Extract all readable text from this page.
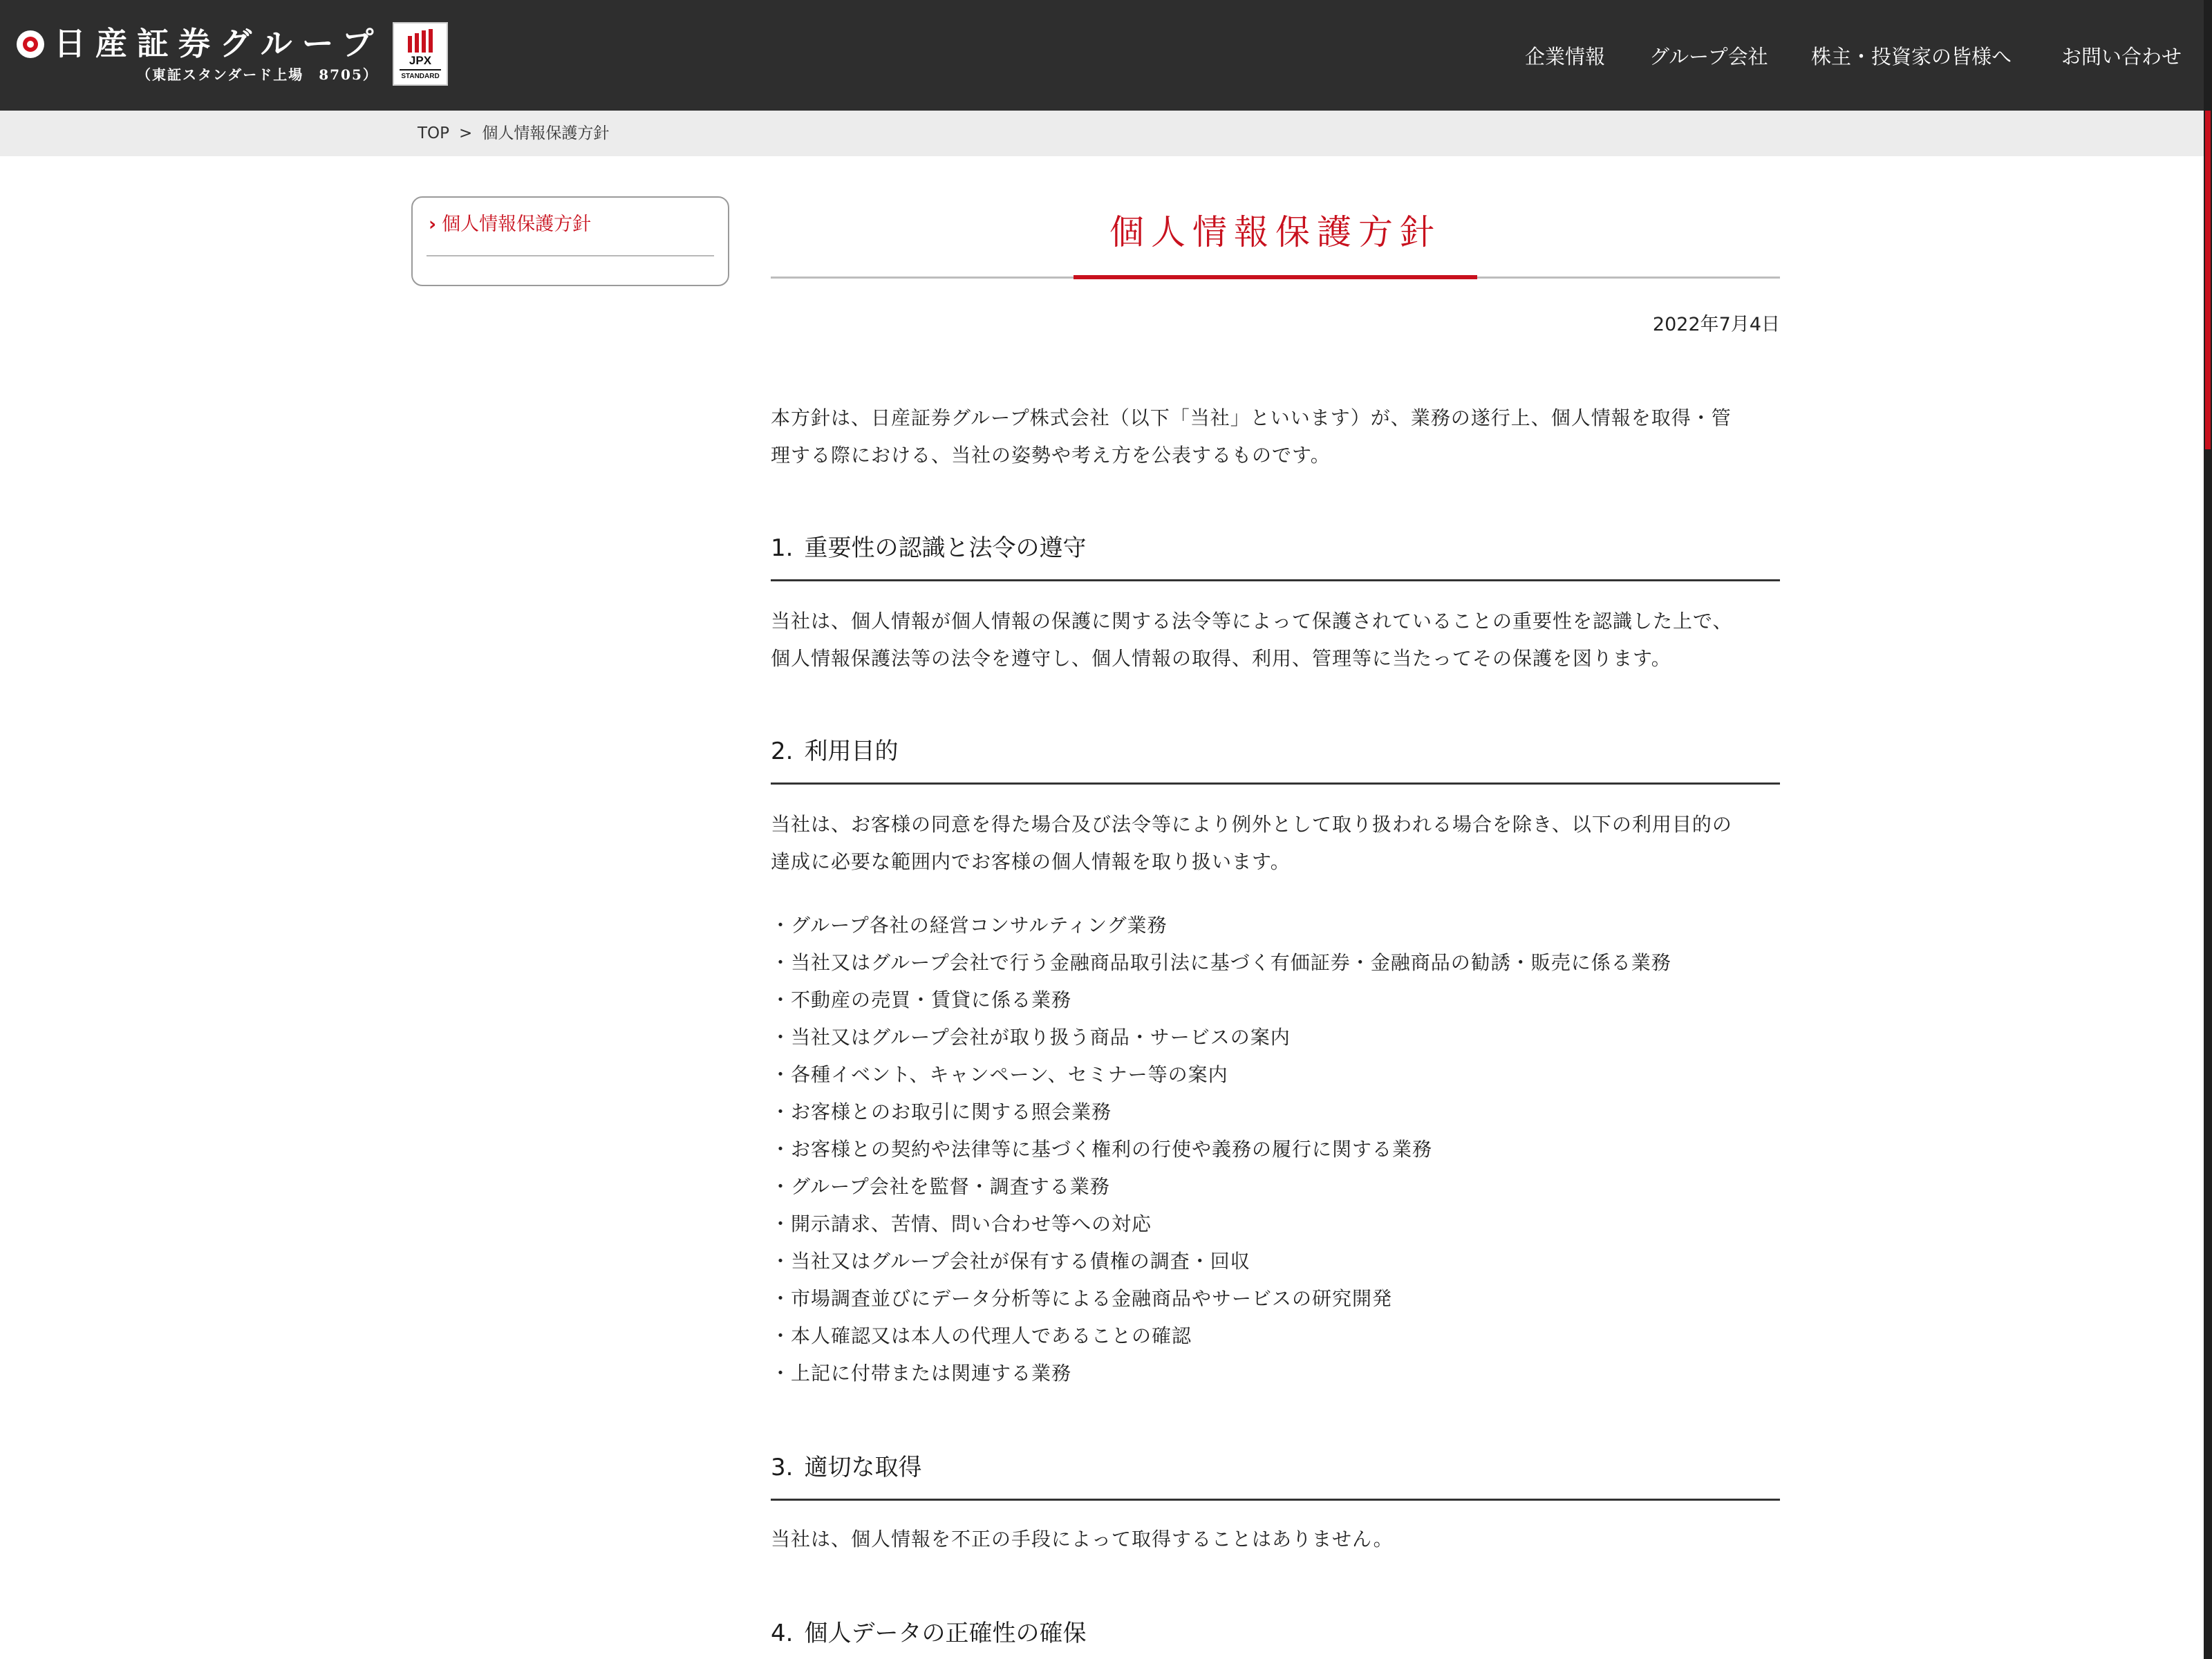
日産証券グループ
（東証スタンダード上場　8705）
JPX
STANDARD
企業情報 グループ会社 株主・投資家の皆様へ お問い合わせ
TOP > 個人情報保護方針
› 個人情報保護方針	個人情報保護方針
2022年7月4日

本方針は、日産証券グループ株式会社（以下「当社」といいます）が、業務の遂行上、個人情報を取得・管
理する際における、当社の姿勢や考え方を公表するものです。

1. 重要性の認識と法令の遵守

当社は、個人情報が個人情報の保護に関する法令等によって保護されていることの重要性を認識した上で、
個人情報保護法等の法令を遵守し、個人情報の取得、利用、管理等に当たってその保護を図ります。

2. 利用目的

当社は、お客様の同意を得た場合及び法令等により例外として取り扱われる場合を除き、以下の利用目的の
達成に必要な範囲内でお客様の個人情報を取り扱います。

・グループ各社の経営コンサルティング業務
・当社又はグループ会社で行う金融商品取引法に基づく有価証券・金融商品の勧誘・販売に係る業務
・不動産の売買・賃貸に係る業務
・当社又はグループ会社が取り扱う商品・サービスの案内
・各種イベント、キャンペーン、セミナー等の案内
・お客様とのお取引に関する照会業務
・お客様との契約や法律等に基づく権利の行使や義務の履行に関する業務
・グループ会社を監督・調査する業務
・開示請求、苦情、問い合わせ等への対応
・当社又はグループ会社が保有する債権の調査・回収
・市場調査並びにデータ分析等による金融商品やサービスの研究開発
・本人確認又は本人の代理人であることの確認
・上記に付帯または関連する業務
3. 適切な取得

当社は、個人情報を不正の手段によって取得することはありません。

4. 個人データの正確性の確保
